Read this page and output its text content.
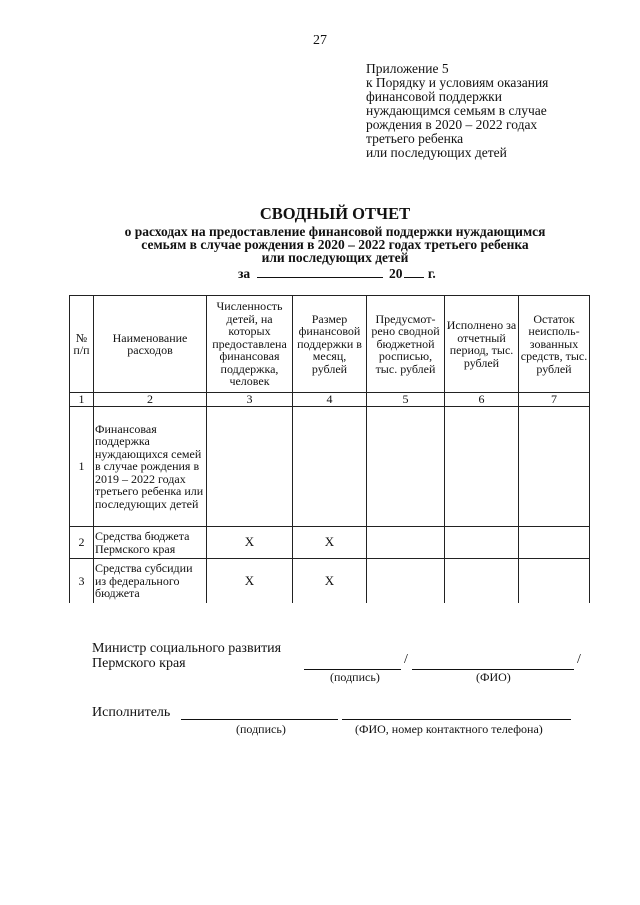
27
Приложение 5
к Порядку и условиям оказания
финансовой поддержки
нуждающимся семьям в случае
рождения в 2020 – 2022 годах
третьего ребенка
или последующих детей
СВОДНЫЙ ОТЧЕТ
о расходах на предоставление финансовой поддержки нуждающимся
семьям в случае рождения в 2020 – 2022 годах третьего ребенка
или последующих детей
за	20 г.
№ п/п	Наименование расходов	Численность детей, на которых предоставлена финансовая поддержка, человек	Размер финансовой поддержки в месяц, рублей	Предусмот-рено сводной бюджетной росписью, тыс. рублей	Исполнено за отчетный период, тыс. рублей	Остаток неисполь-зованных средств, тыс. рублей
1	2	3	4	5	6	7
1	Финансовая поддержка нуждающихся семей в случае рождения в 2019 – 2022 годах третьего ребенка или последующих детей					
2	Средства бюджета Пермского края	X	X			
3	Средства субсидии из федерального бюджета	X	X			
Министр социального развития
Пермского края	/	/
(подпись)	(ФИО)
Исполнитель
(подпись)	(ФИО, номер контактного телефона)
